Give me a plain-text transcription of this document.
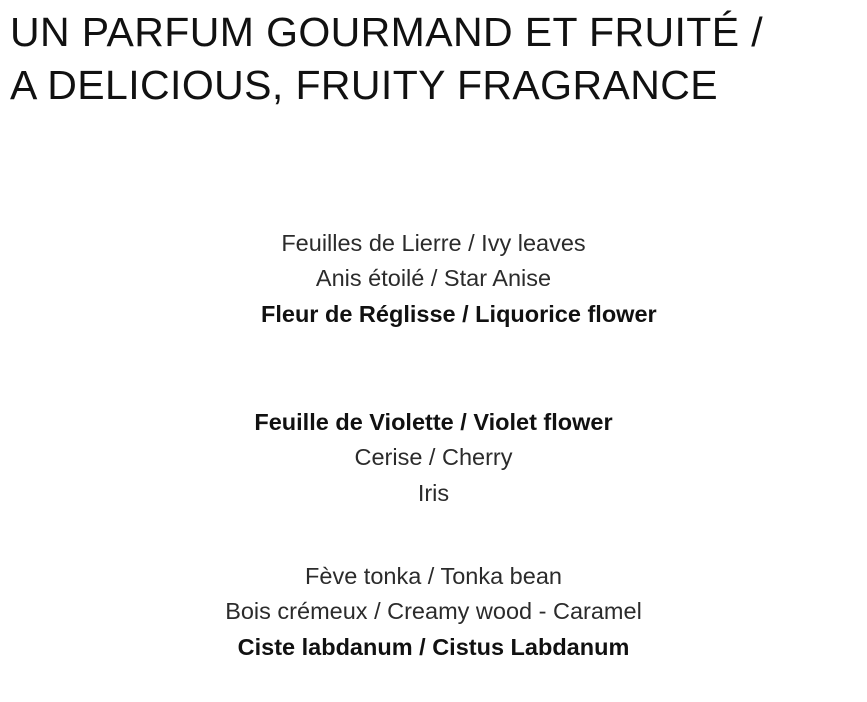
UN PARFUM GOURMAND ET FRUITÉ /
A DELICIOUS, FRUITY FRAGRANCE
Feuilles de Lierre / Ivy leaves
Anis étoilé / Star Anise
Fleur de Réglisse / Liquorice flower
Feuille de Violette / Violet flower
Cerise / Cherry
Iris
Fève tonka / Tonka bean
Bois crémeux / Creamy wood - Caramel
Ciste labdanum / Cistus Labdanum
